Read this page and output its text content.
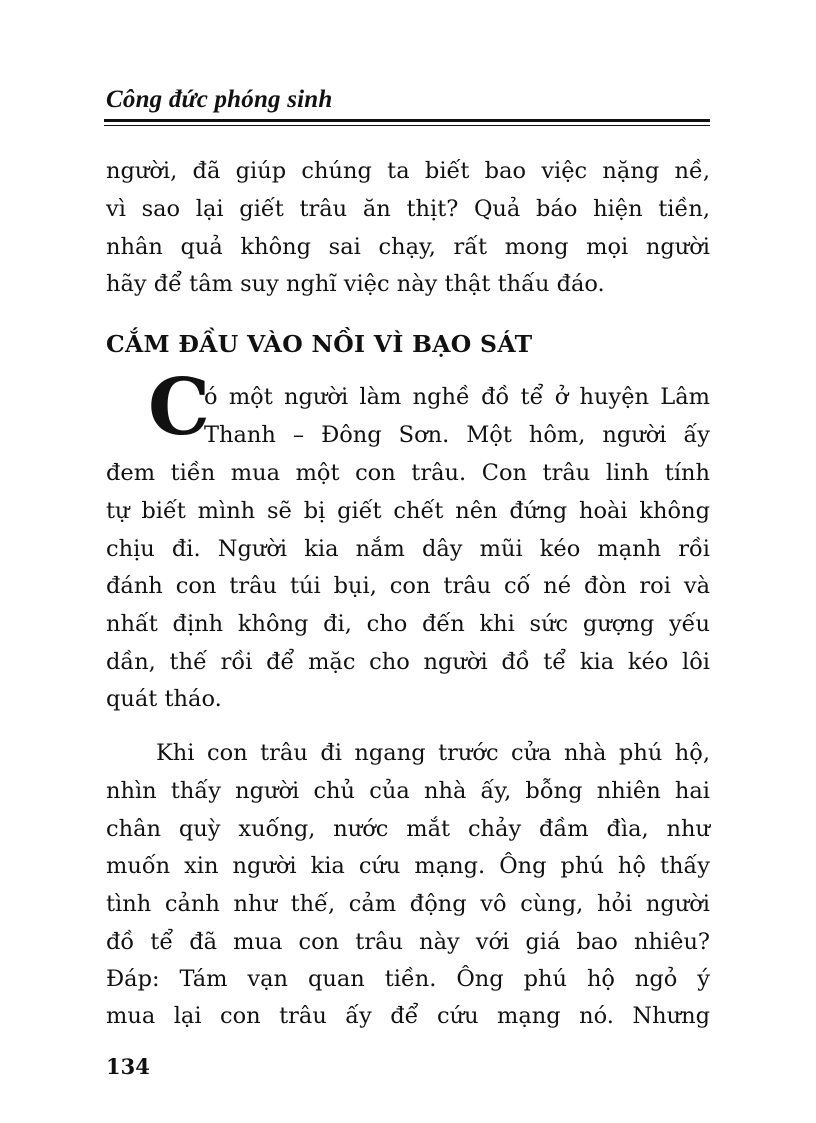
Công đức phóng sinh
người, đã giúp chúng ta biết bao việc nặng nề,
vì sao lại giết trâu ăn thịt? Quả báo hiện tiền,
nhân quả không sai chạy, rất mong mọi người
hãy để tâm suy nghĩ việc này thật thấu đáo.
CẮM ĐẦU VÀO NỒI VÌ BẠO SÁT
C
ó một người làm nghề đồ tể ở huyện Lâm
Thanh – Đông Sơn. Một hôm, người ấy
đem tiền mua một con trâu. Con trâu linh tính
tự biết mình sẽ bị giết chết nên đứng hoài không
chịu đi. Người kia nắm dây mũi kéo mạnh rồi
đánh con trâu túi bụi, con trâu cố né đòn roi và
nhất định không đi, cho đến khi sức gượng yếu
dần, thế rồi để mặc cho người đồ tể kia kéo lôi
quát tháo.
Khi con trâu đi ngang trước cửa nhà phú hộ,
nhìn thấy người chủ của nhà ấy, bỗng nhiên hai
chân quỳ xuống, nước mắt chảy đầm đìa, như
muốn xin người kia cứu mạng. Ông phú hộ thấy
tình cảnh như thế, cảm động vô cùng, hỏi người
đồ tể đã mua con trâu này với giá bao nhiêu?
Đáp: Tám vạn quan tiền. Ông phú hộ ngỏ ý
mua lại con trâu ấy để cứu mạng nó. Nhưng
134
